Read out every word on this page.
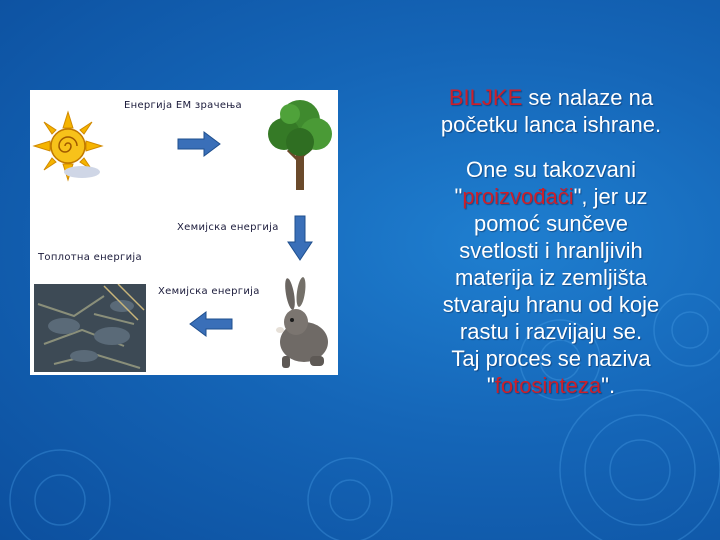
Енергија ЕМ зрачења
Хемијска енергија
Топлотна енергија
Хемијска енергија
BILJKE se nalaze na
početku lanca ishrane.
One su takozvani
"proizvođači", jer uz
pomoć sunčeve
svetlosti i hranljivih
materija iz zemljišta
stvaraju hranu od koje
rastu i razvijaju se.
Taj proces se naziva
"fotosinteza".
